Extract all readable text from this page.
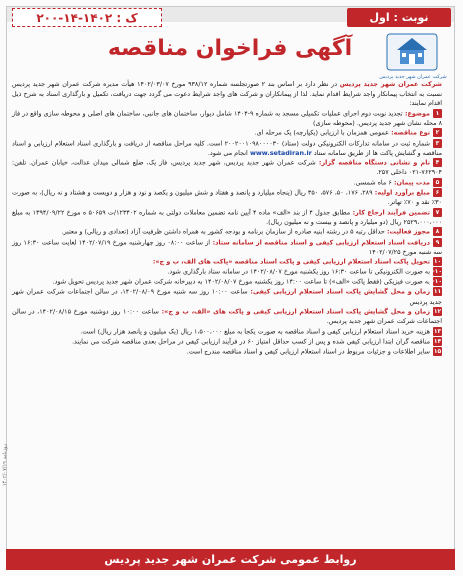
نوبت : اول
ک : ۱۴۰۲-۱۴-۲۰۰
آگهی فراخوان مناقصه
شرکت عمران شهر جدید پردیس

شرکت عمران شهر جدید پردیس در نظر دارد بر اساس بند ۲ صورتجلسه شماره ۹۳۸/۱۲ مورخ ۱۴۰۲/۰۳/۰۷ هیأت مدیره شرکت عمران شهر جدید پردیس نسبت به انتخاب پیمانکار واجد شرایط اقدام نماید. لذا از پیمانکاران و شرکت های واجد شرایط دعوت می گردد جهت دریافت، تکمیل و بارگذاری اسناد به شرح ذیل اقدام نمایند:

۱موضوع: تجدید نوبت دوم اجرای عملیات تکمیلی مسجد به شماره ۹-۱۴۰۴ شامل دیوار، ساختمان های جانبی، ساختمان های اصلی و محوطه سازی واقع در فاز ۸ محله نشان شهر جدید پردیس. (محوطه سازی)

۲نوع مناقصه: عمومی همزمان با ارزیابی (یکپارچه) یک مرحله ای.

۳شماره ثبت در سامانه تدارکات الکترونیکی دولت (ستاد) ۲۰۰۲۰۰۱۰۹۸۰۰۰۰۳۰ است. کلیه مراحل مناقصه از دریافت و بارگذاری اسناد استعلام ارزیابی و اسناد مناقصه و گشایش پاکت ها از طریق سامانه ستاد www.setadiran.ir انجام می شود.

۴نام و نشانی دستگاه مناقصه گزار: شرکت عمران شهر جدید پردیس، شهر جدید پردیس، فاز یک، ضلع شمالی میدان عدالت، خیابان عمران. تلفن: ۷۶۲۹۰۴-۰۲۱ داخلی ۲۵۷.

۵مدت پیمان: ۶ ماه شمسی.

۶مبلغ برآورد اولیه: ۲۸۹، ۱۷۶، ۵۰، ۵۷۶، ۳۵۰ ریال (پنجاه میلیارد و پانصد و هفتاد و شش میلیون و یکصد و نود و هزار و دویست و هشتاد و نه ریال)، به صورت ۳۰٪ نقد و ۷۰٪ تهاتر.

۷تضمین فرآیند ارجاع کار: مطابق جدول ۴ از بند «الف» ماده ۴ آیین نامه تضمین معاملات دولتی به شماره ۱۲۳۴۰۲/ت ۵۰۶۵۹ ه مورخ ۱۳۹۴/۰۹/۲۲ به مبلغ ۲۵۲۹،۰۰۰،۰۰۰ ریال (دو میلیارد و پانصد و بیست و نه میلیون ریال).

۸مجوز فعالیت: حداقل رتبه ۵ در رشته ابنیه صادره از سازمان برنامه و بودجه کشور به همراه داشتن ظرفیت آزاد (تعدادی و ریالی) و معتبر.

۹دریافت اسناد استعلام ارزیابی کیفی و اسناد مناقصه از سامانه ستاد: از ساعت ۰۸:۰۰ روز چهارشنبه مورخ ۱۴۰۲/۰۷/۱۹ لغایت ساعت ۱۶:۳۰ روز سه شنبه مورخ ۱۴۰۲/۰۷/۲۵

۱۰تحویل پاکت اسناد استعلام ارزیابی کیفی و پاکت اسناد مناقصه «پاکت های الف، ب و ج»:

۱-۱۰به صورت الکترونیکی تا ساعت ۱۶:۳۰ روز یکشنبه مورخ ۱۴۰۲/۰۸/۰۷ در سامانه ستاد بارگذاری شود.

۲-۱۰به صورت فیزیکی (فقط پاکت «الف») تا ساعت ۱۴:۰۰ روز یکشنبه مورخ ۱۴۰۲/۰۸/۰۷ به دبیرخانه شرکت عمران شهر جدید پردیس تحویل شود.

۱۱زمان و محل گشایش پاکت اسناد استعلام ارزیابی کیفی: ساعت ۱۰:۰۰ روز سه شنبه مورخ ۱۴۰۲/۰۸/۰۹، در سالن اجتماعات شرکت عمران شهر جدید پردیس

۱۲زمان و محل گشایش پاکت اسناد استعلام ارزیابی کیفی و پاکت های «الف، ب و ج»: ساعت ۱۰:۰۰ روز دوشنبه مورخ ۱۴۰۲/۰۸/۱۵، در سالن اجتماعات شرکت عمران شهر جدید پردیس.

۱۳هزینه خرید اسناد استعلام ارزیابی کیفی و اسناد مناقصه به صورت یکجا به مبلغ ۱،۵۰۰،۰۰۰ ریال (یک میلیون و پانصد هزار ریال) است.

۱۴مناقصه گران ابتدا ارزیابی کیفی شده و پس از کسب حداقل امتیاز ۶۰ در فرآیند ارزیابی کیفی در مراحل بعدی مناقصه شرکت می نمایند.

۱۵سایر اطلاعات و جزئیات مربوط در اسناد استعلام ارزیابی کیفی و اسناد مناقصه مندرج است.

روزنامه ۱۴۰۲/۰۷/۱۹
روابط عمومی شرکت عمران شهر جدید پردیس
